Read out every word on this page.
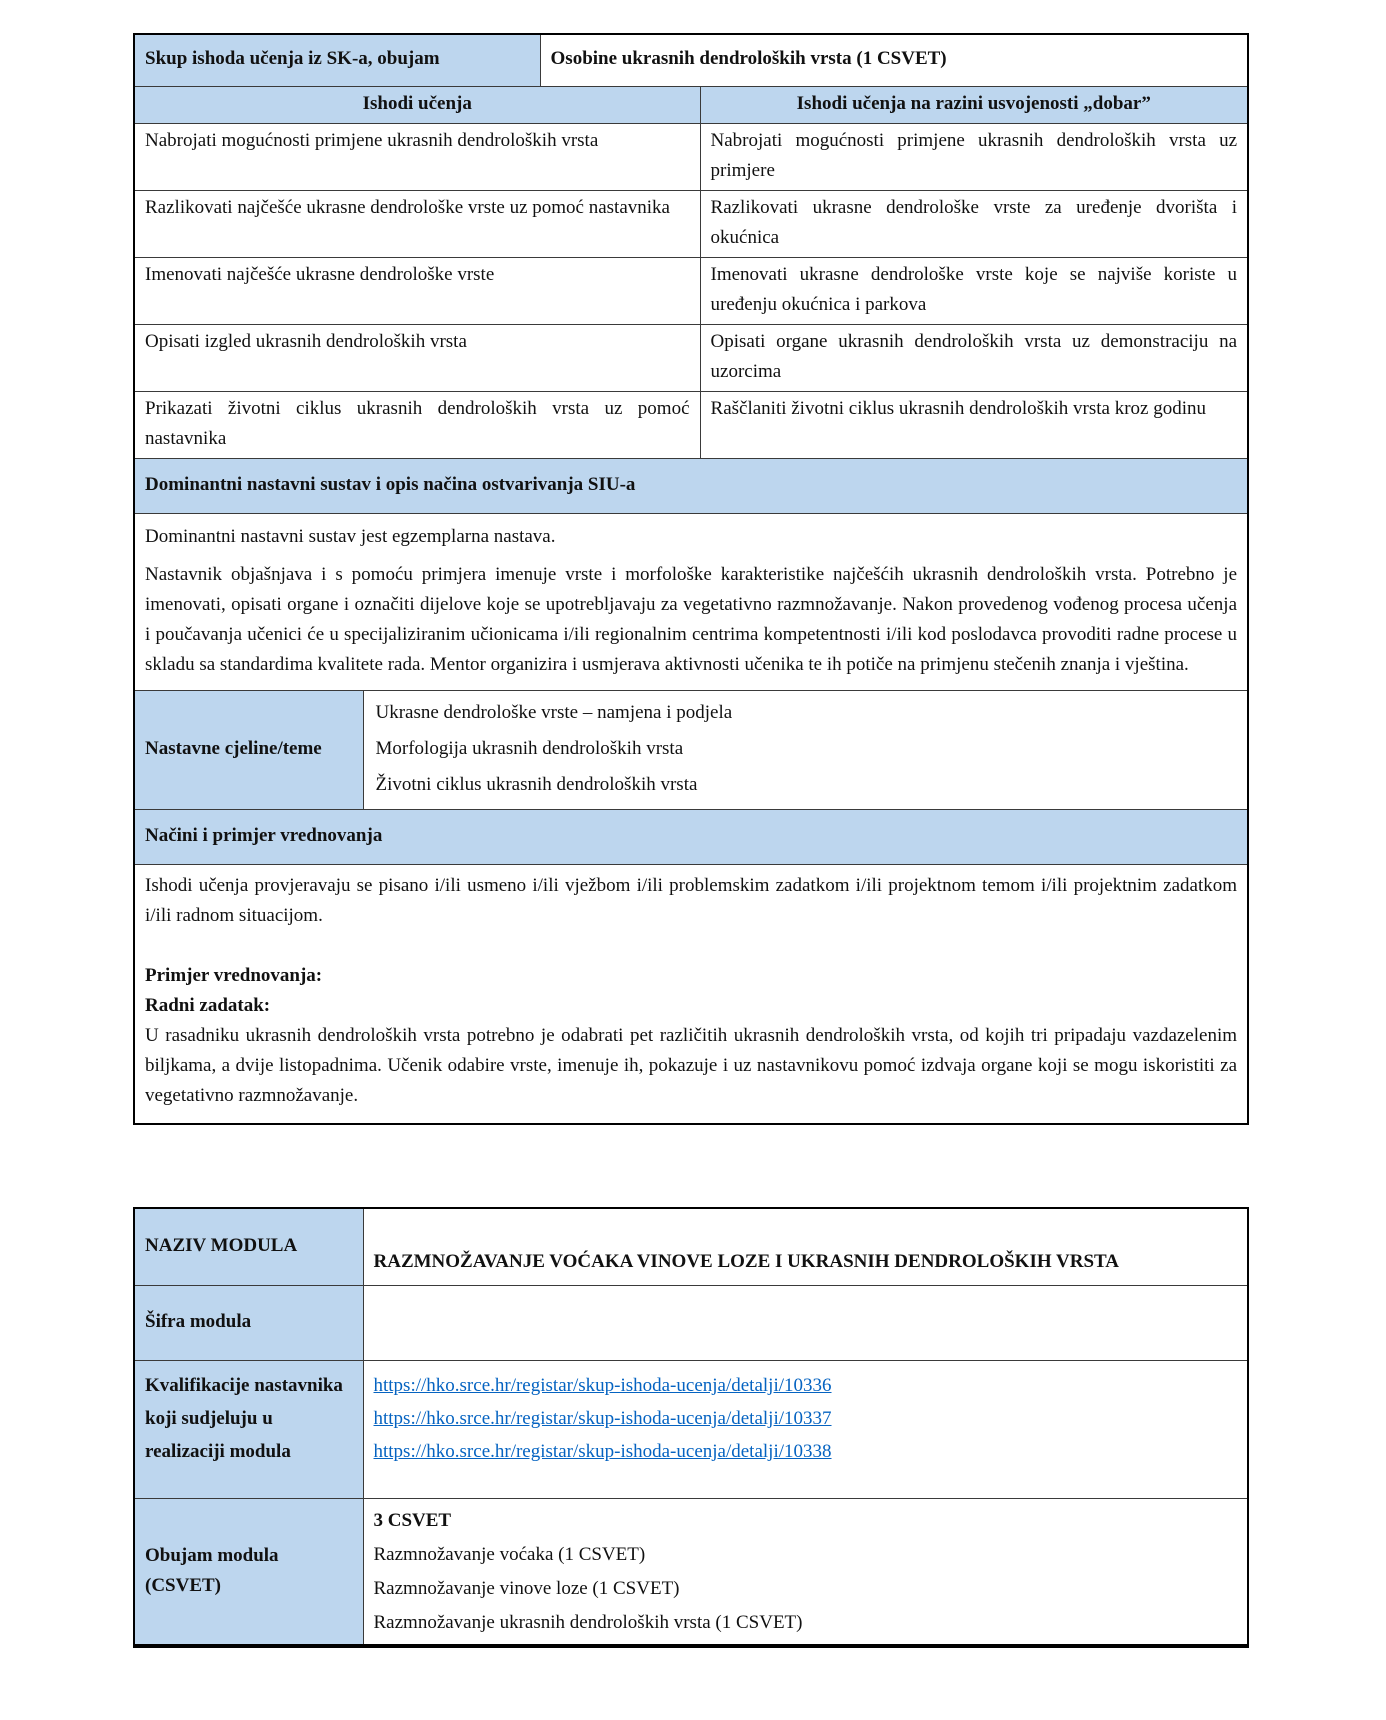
Skup ishoda učenja iz SK-a, obujam		Osobine ukrasnih dendroloških vrsta (1 CSVET)	
Ishodi učenja			Ishodi učenja na razini usvojenosti „dobar”
Nabrojati mogućnosti primjene ukrasnih dendroloških vrsta			Nabrojati mogućnosti primjene ukrasnih dendroloških vrsta uz primjere
Razlikovati najčešće ukrasne dendrološke vrste uz pomoć nastavnika			Razlikovati ukrasne dendrološke vrste za uređenje dvorišta i okućnica
Imenovati najčešće ukrasne dendrološke vrste			Imenovati ukrasne dendrološke vrste koje se najviše koriste u uređenju okućnica i parkova
Opisati izgled ukrasnih dendroloških vrsta			Opisati organe ukrasnih dendroloških vrsta uz demonstraciju na uzorcima
Prikazati životni ciklus ukrasnih dendroloških vrsta uz pomoć nastavnika			Raščlaniti životni ciklus ukrasnih dendroloških vrsta kroz godinu
Dominantni nastavni sustav i opis načina ostvarivanja SIU-a			

Dominantni nastavni sustav jest egzemplarna nastava.

Nastavnik objašnjava i s pomoću primjera imenuje vrste i morfološke karakteristike najčešćih ukrasnih dendroloških vrsta. Potrebno je imenovati, opisati organe i označiti dijelove koje se upotrebljavaju za vegetativno razmnožavanje. Nakon provedenog vođenog procesa učenja i poučavanja učenici će u specijaliziranim učionicama i/ili regionalnim centrima kompetentnosti i/ili kod poslodavca provoditi radne procese u skladu sa standardima kvalitete rada. Mentor organizira i usmjerava aktivnosti učenika te ih potiče na primjenu stečenih znanja i vještina.			

Nastavne cjeline/teme	Ukrasne dendrološke vrste – namjena i podjela
Morfologija ukrasnih dendroloških vrsta
Životni ciklus ukrasnih dendroloških vrsta		

Načini i primjer vrednovanja			

Ishodi učenja provjeravaju se pisano i/ili usmeno i/ili vježbom i/ili problemskim zadatkom i/ili projektnom temom i/ili projektnim zadatkom i/ili radnom situacijom.

Primjer vrednovanja:

Radni zadatak:

U rasadniku ukrasnih dendroloških vrsta potrebno je odabrati pet različitih ukrasnih dendroloških vrsta, od kojih tri pripadaju vazdazelenim biljkama, a dvije listopadnima. Učenik odabire vrste, imenuje ih, pokazuje i uz nastavnikovu pomoć izdvaja organe koji se mogu iskoristiti za vegetativno razmnožavanje.			

NAZIV MODULA	RAZMNOŽAVANJE VOĆAKA VINOVE LOZE I UKRASNIH DENDROLOŠKIH VRSTA
Šifra modula	
Kvalifikacije nastavnika koji sudjeluju u realizaciji modula	https://hko.srce.hr/registar/skup-ishoda-ucenja/detalji/10336
https://hko.srce.hr/registar/skup-ishoda-ucenja/detalji/10337
https://hko.srce.hr/registar/skup-ishoda-ucenja/detalji/10338

Obujam modula (CSVET)	3 CSVET
Razmnožavanje voćaka (1 CSVET)
Razmnožavanje vinove loze (1 CSVET)
Razmnožavanje ukrasnih dendroloških vrsta (1 CSVET)
